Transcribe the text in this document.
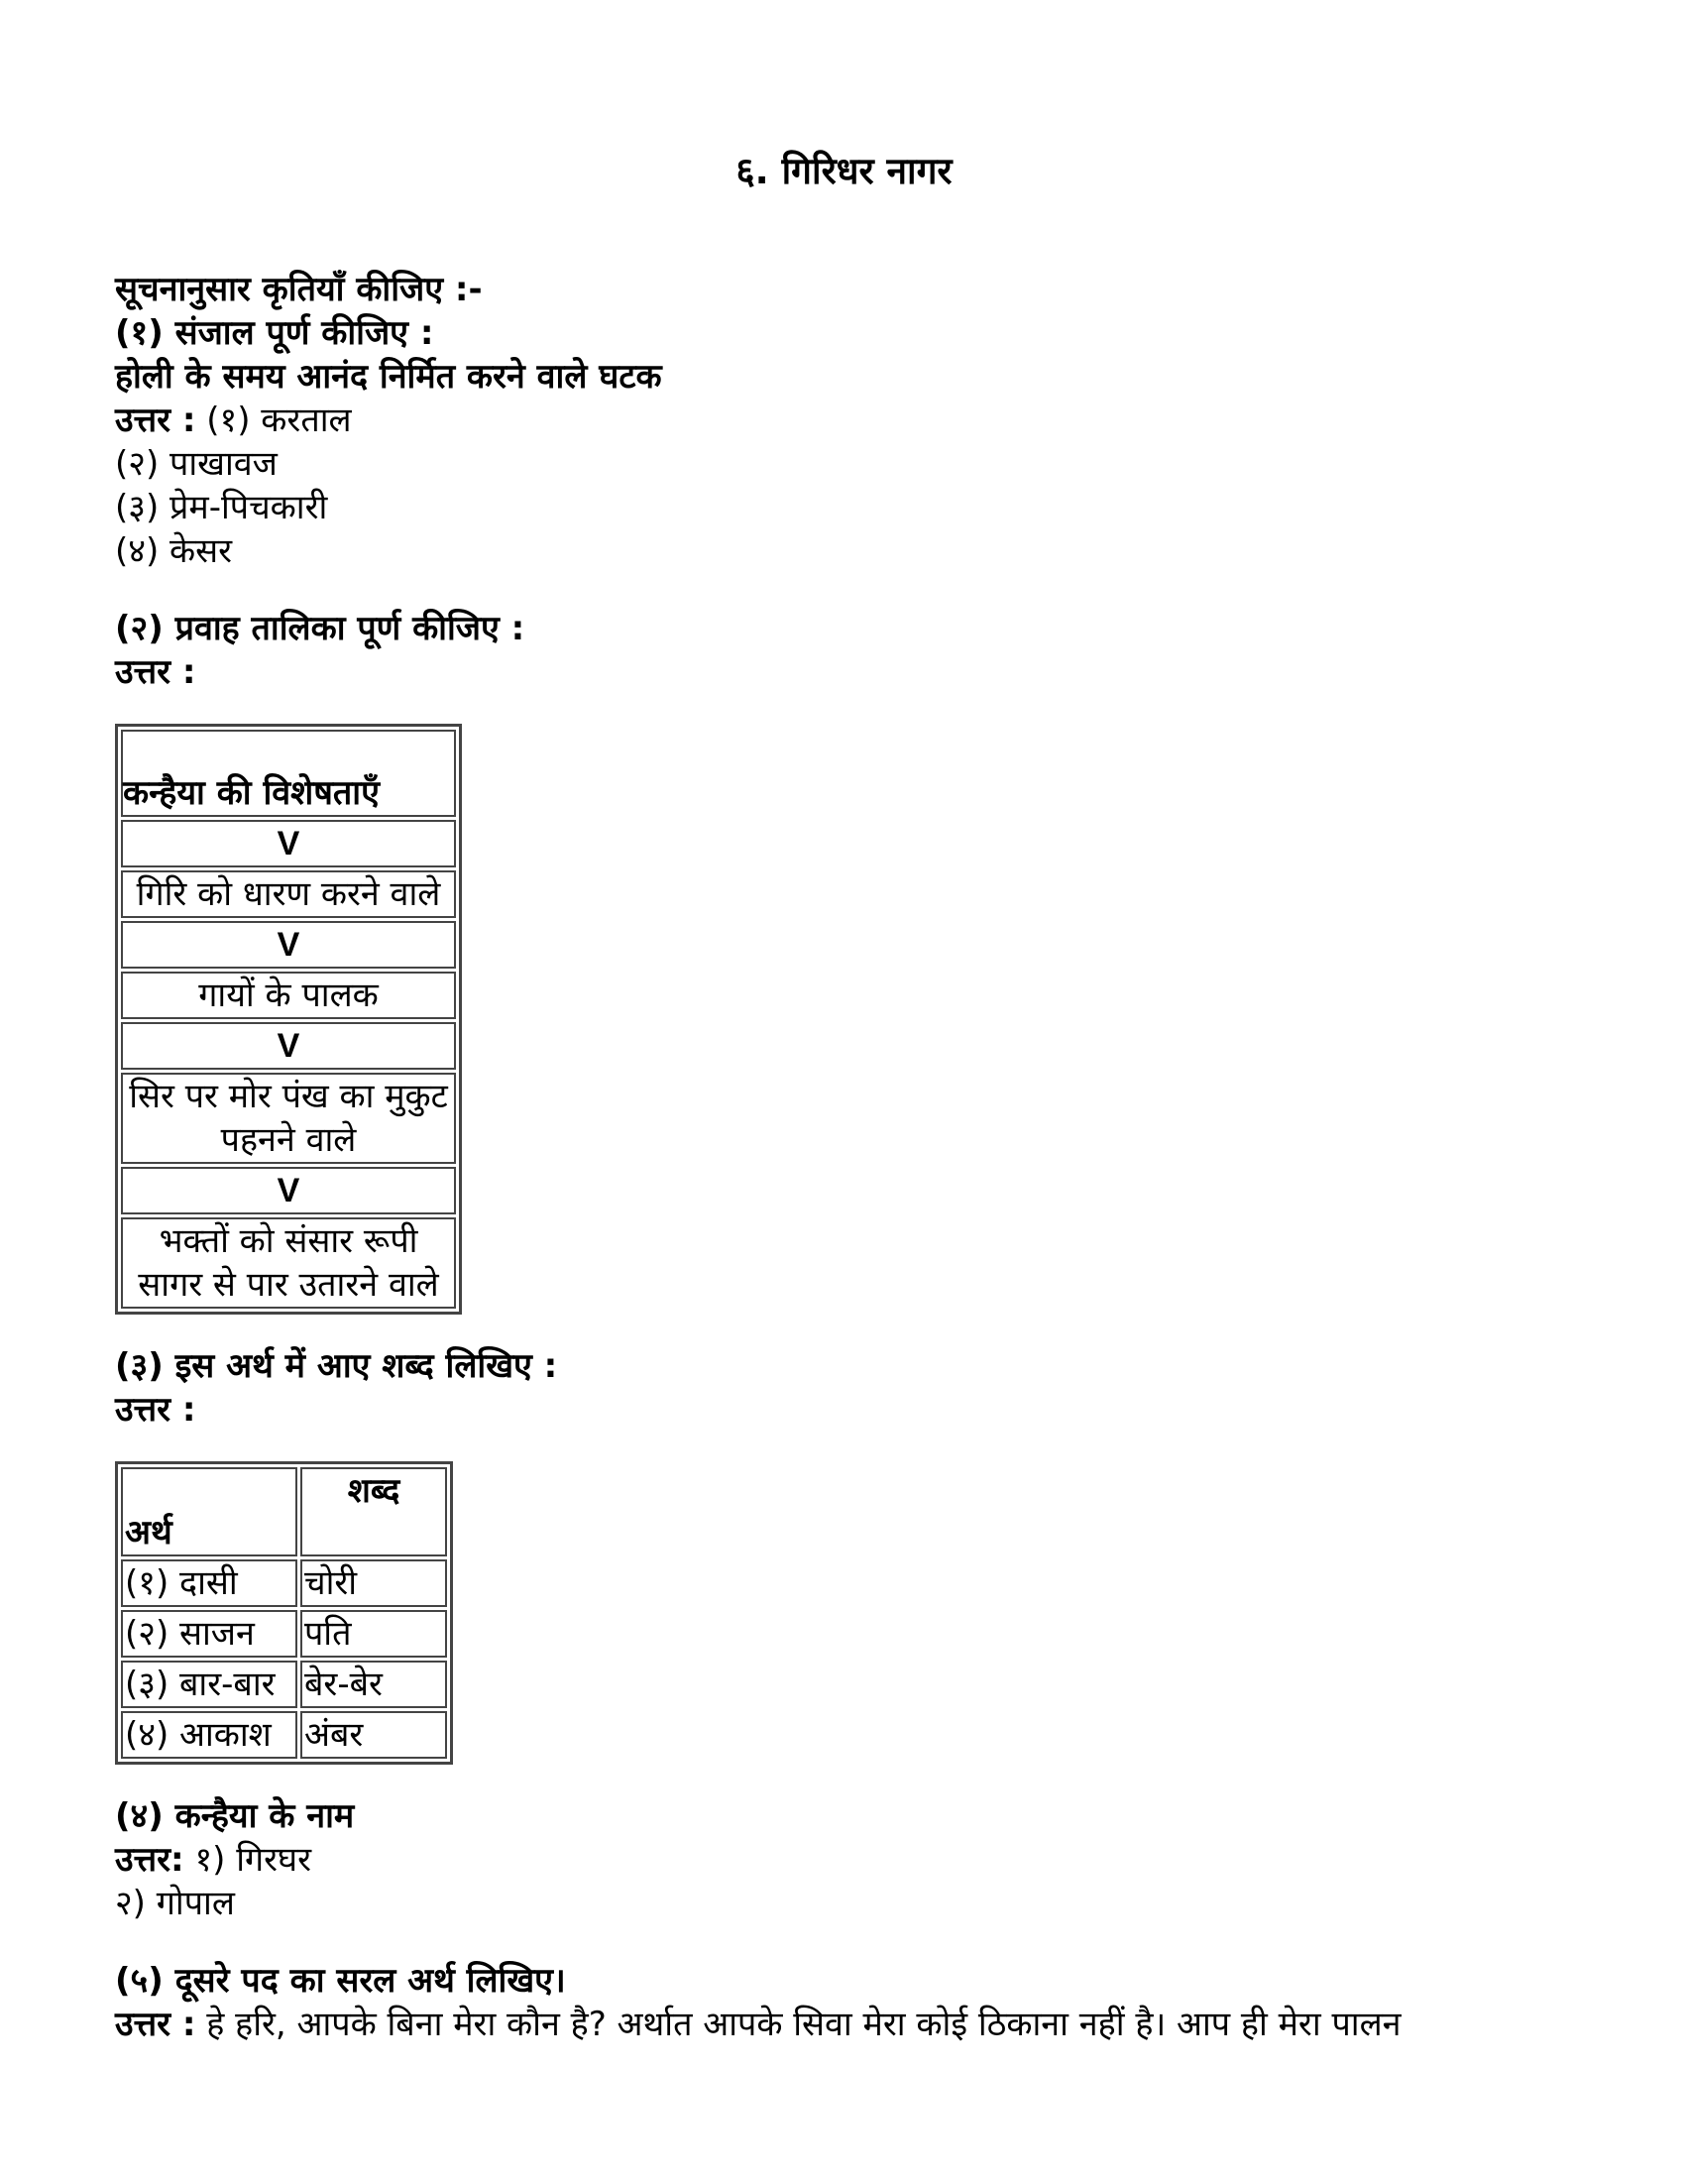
६. गिरिधर नागर
सूचनानुसार कृतियाँ कीजिए :-
(१) संजाल पूर्ण कीजिए :
होली के समय आनंद निर्मित करने वाले घटक
उत्तर : (१) करताल
(२) पाखावज
(३) प्रेम-पिचकारी
(४) केसर
(२) प्रवाह तालिका पूर्ण कीजिए :
उत्तर :
कन्हैया की विशेषताएँ
V
गिरि को धारण करने वाले
V
गायों के पालक
V
सिर पर मोर पंख का मुकुट पहनने वाले
V
भक्तों को संसार रूपी सागर से पार उतारने वाले
(३) इस अर्थ में आए शब्द लिखिए :
उत्तर :
अर्थ	शब्द
(१) दासी	चोरी
(२) साजन	पति
(३) बार-बार	बेर-बेर
(४) आकाश	अंबर
(४) कन्हैया के नाम
उत्तर: १) गिरघर
२) गोपाल
(५) दूसरे पद का सरल अर्थ लिखिए।
उत्तर : हे हरि, आपके बिना मेरा कौन है? अर्थात आपके सिवा मेरा कोई ठिकाना नहीं है। आप ही मेरा पालन
